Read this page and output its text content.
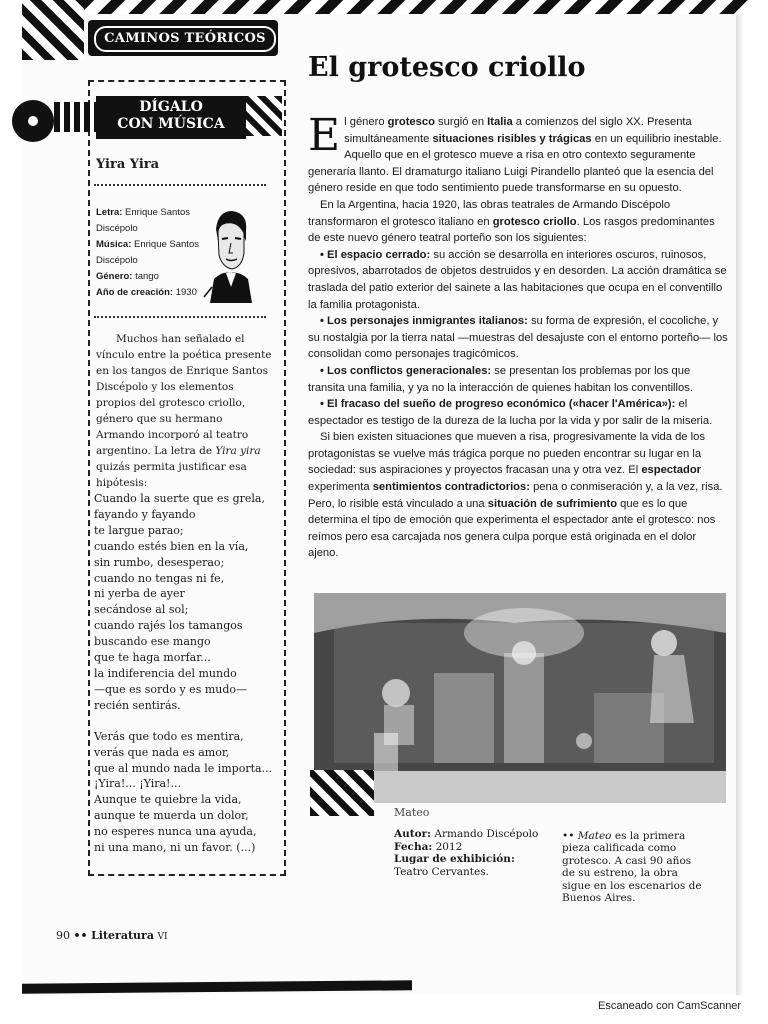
CAMINOS TEÓRICOS
DÍGALO
CON MÚSICA
Yira Yira
Letra: Enrique Santos Discépolo
Música: Enrique Santos Discépolo
Género: tango
Año de creación: 1930

Muchos han señalado el vínculo entre la poética presente en los tangos de Enrique Santos Discépolo y los elementos propios del grotesco criollo, género que su hermano Armando incorporó al teatro argentino. La letra de Yira yira quizás permita justificar esa hipótesis:

Cuando la suerte que es grela,
fayando y fayando
te largue parao;
cuando estés bien en la vía,
sin rumbo, desesperao;
cuando no tengas ni fe,
ni yerba de ayer
secándose al sol;
cuando rajés los tamangos
buscando ese mango
que te haga morfar...
la indiferencia del mundo
—que es sordo y es mudo—
recién sentirás.
Verás que todo es mentira,
verás que nada es amor,
que al mundo nada le importa...
¡Yira!... ¡Yira!...
Aunque te quiebre la vida,
aunque te muerda un dolor,
no esperes nunca una ayuda,
ni una mano, ni un favor. (...)
El grotesco criollo

El género grotesco surgió en Italia a comienzos del siglo XX. Presenta simultáneamente situaciones risibles y trágicas en un equilibrio inestable. Aquello que en el grotesco mueve a risa en otro contexto seguramente generaría llanto. El dramaturgo italiano Luigi Pirandello planteó que la esencia del género reside en que todo sentimiento puede transformarse en su opuesto.

En la Argentina, hacia 1920, las obras teatrales de Armando Discépolo transformaron el grotesco italiano en grotesco criollo. Los rasgos predominantes de este nuevo género teatral porteño son los siguientes:

• El espacio cerrado: su acción se desarrolla en interiores oscuros, ruinosos, opresivos, abarrotados de objetos destruidos y en desorden. La acción dramática se traslada del patio exterior del sainete a las habitaciones que ocupa en el conventillo la familia protagonista.

• Los personajes inmigrantes italianos: su forma de expresión, el cocoliche, y su nostalgia por la tierra natal —muestras del desajuste con el entorno porteño— los consolidan como personajes tragicómicos.

• Los conflictos generacionales: se presentan los problemas por los que transita una familia, y ya no la interacción de quienes habitan los conventillos.

• El fracaso del sueño de progreso económico («hacer l'América»): el espectador es testigo de la dureza de la lucha por la vida y por salir de la miseria.

Si bien existen situaciones que mueven a risa, progresivamente la vida de los protagonistas se vuelve más trágica porque no pueden encontrar su lugar en la sociedad: sus aspiraciones y proyectos fracasan una y otra vez. El espectador experimenta sentimientos contradictorios: pena o conmiseración y, a la vez, risa. Pero, lo risible está vinculado a una situación de sufrimiento que es lo que determina el tipo de emoción que experimenta el espectador ante el grotesco: nos reímos pero esa carcajada nos genera culpa porque está originada en el dolor ajeno.

Mateo
Autor: Armando Discépolo
Fecha: 2012
Lugar de exhibición:
Teatro Cervantes.
•• Mateo es la primera pieza calificada como grotesco. A casi 90 años de su estreno, la obra sigue en los escenarios de Buenos Aires.
90 •• Literatura VI
Escaneado con CamScanner
